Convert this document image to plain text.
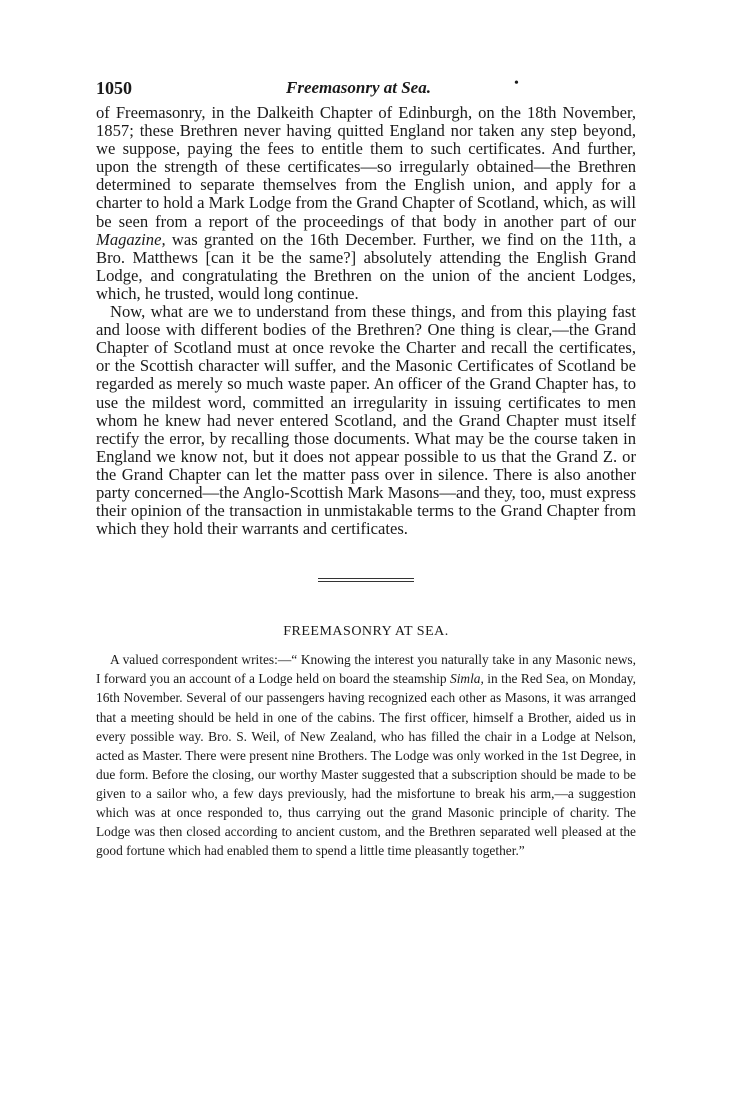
1050	Freemasonry at Sea.	•

of Freemasonry, in the Dalkeith Chapter of Edinburgh, on the 18th November, 1857; these Brethren never having quitted England nor taken any step beyond, we suppose, paying the fees to entitle them to such certificates. And further, upon the strength of these certificates—so irregularly obtained—the Brethren determined to separate themselves from the English union, and apply for a charter to hold a Mark Lodge from the Grand Chapter of Scotland, which, as will be seen from a report of the proceedings of that body in another part of our Magazine, was granted on the 16th December. Further, we find on the 11th, a Bro. Matthews [can it be the same?] absolutely attending the English Grand Lodge, and congratulating the Brethren on the union of the ancient Lodges, which, he trusted, would long continue.

Now, what are we to understand from these things, and from this playing fast and loose with different bodies of the Brethren? One thing is clear,—the Grand Chapter of Scotland must at once revoke the Charter and recall the certificates, or the Scottish character will suffer, and the Masonic Certificates of Scotland be regarded as merely so much waste paper. An officer of the Grand Chapter has, to use the mildest word, committed an irregularity in issuing certificates to men whom he knew had never entered Scotland, and the Grand Chapter must itself rectify the error, by recalling those documents. What may be the course taken in England we know not, but it does not appear possible to us that the Grand Z. or the Grand Chapter can let the matter pass over in silence. There is also another party concerned—the Anglo-Scottish Mark Masons—and they, too, must express their opinion of the transaction in unmistakable terms to the Grand Chapter from which they hold their warrants and certificates.

FREEMASONRY AT SEA.

A valued correspondent writes:—“ Knowing the interest you naturally take in any Masonic news, I forward you an account of a Lodge held on board the steamship Simla, in the Red Sea, on Monday, 16th November. Several of our passengers having recognized each other as Masons, it was arranged that a meeting should be held in one of the cabins. The first officer, himself a Brother, aided us in every possible way. Bro. S. Weil, of New Zealand, who has filled the chair in a Lodge at Nelson, acted as Master. There were present nine Brothers. The Lodge was only worked in the 1st Degree, in due form. Before the closing, our worthy Master suggested that a subscription should be made to be given to a sailor who, a few days previously, had the misfortune to break his arm,—a suggestion which was at once responded to, thus carrying out the grand Masonic principle of charity. The Lodge was then closed according to ancient custom, and the Brethren separated well pleased at the good fortune which had enabled them to spend a little time pleasantly together.”
